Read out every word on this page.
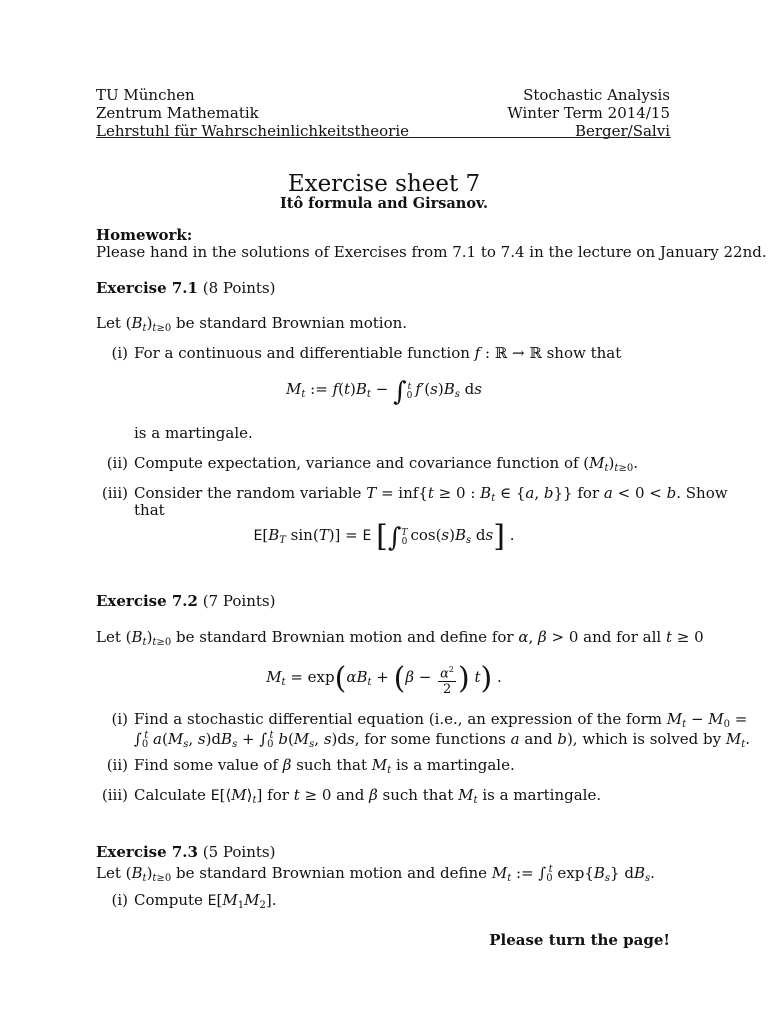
TU München
Zentrum Mathematik
Lehrstuhl für Wahrscheinlichkeitstheorie
Stochastic Analysis
Winter Term 2014/15
Berger/Salvi
Exercise sheet 7
Itô formula and Girsanov.
Homework:
Please hand in the solutions of Exercises from 7.1 to 7.4 in the lecture on January 22nd.
Exercise 7.1 (8 Points)
Let $(B_t)_{t\ge 0}$ be standard Brownian motion.
(i) For a continuous and differentiable function f : ℝ → ℝ show that
$M_t$ := $f(t)B_t - \int t$
0 $f'(s)B_s$ ds
is a martingale.
(ii) Compute expectation, variance and covariance function of $(M_t)_{t\ge 0}$.
(iii) Consider the random variable T = inf{t ≥ 0 : $B_t$ ∈ {a, b}} for a < 0 < b. Show
that
$E[B_T$ sin(T)] = E [∫T
0 $\cos(s)B_s$ ds] .
Exercise 7.2 (7 Points)
Let $(B_t)_{t\ge 0}$ be standard Brownian motion and define for α, β > 0 and for all t ≥ 0
$M_t = \exp(\alpha B_t + (\beta - \frac{\alpha^2}{2}$ ) t) .
(i) Find a stochastic differential equation (i.e., an expression of the form $M_t - M_0$ =
$\int_0^t$ $a(M_s$, $s)dB_s + \int_0^t$ $b(M_s$, s)ds, for some functions a and b), which is solved by $M_t$.
(ii) Find some value of β such that $M_t$ is a martingale.
(iii) Calculate $E[⟨M⟩_t]$ for t ≥ 0 and β such that $M_t$ is a martingale.
Exercise 7.3 (5 Points)
Let $(B_t)_{t\ge 0}$ be standard Brownian motion and define $M_t$ := $\int_0^t$ $\exp\{B_s\}$ $dB_s$.
(i) Compute $E[M_1M_2]$.
Please turn the page!
